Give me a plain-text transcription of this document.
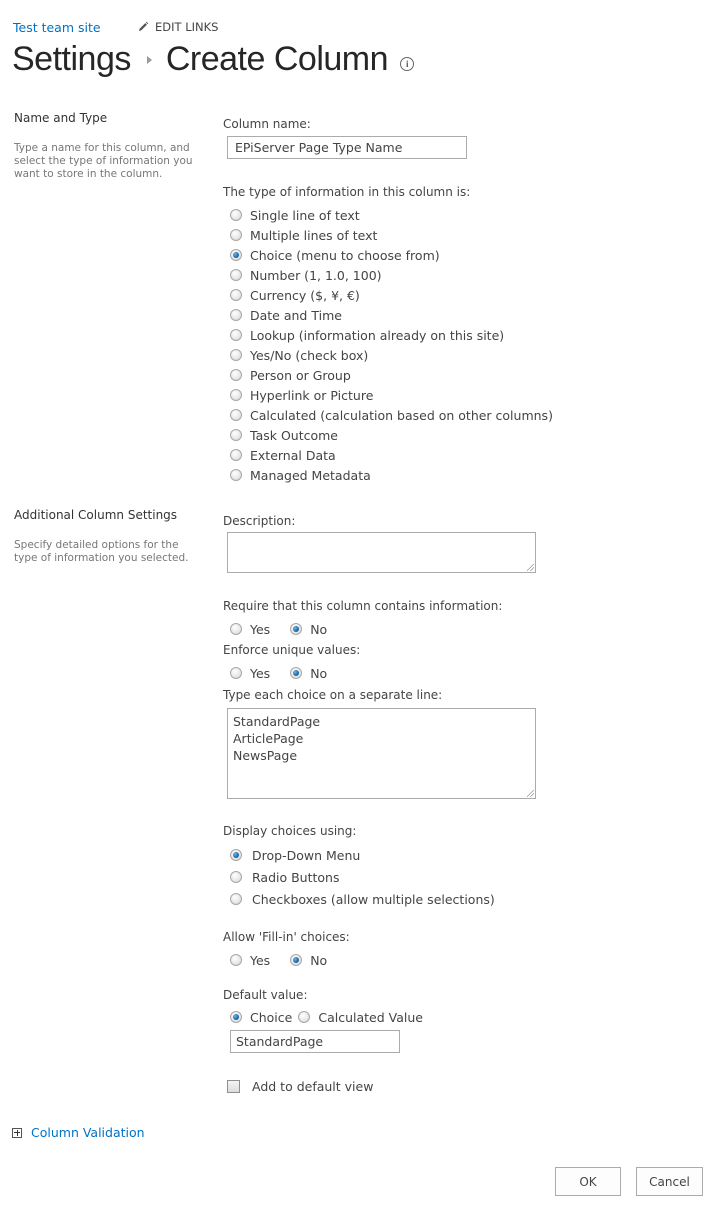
Test team site	EDIT LINKS
Settings Create Column	i
Name and Type
Type a name for this column, and select the type of information you want to store in the column.
Column name:
EPiServer Page Type Name
The type of information in this column is:
Single line of text
Multiple lines of text
Choice (menu to choose from)
Number (1, 1.0, 100)
Currency ($, ¥, €)
Date and Time
Lookup (information already on this site)
Yes/No (check box)
Person or Group
Hyperlink or Picture
Calculated (calculation based on other columns)
Task Outcome
External Data
Managed Metadata
Additional Column Settings
Specify detailed options for the type of information you selected.
Description:
Require that this column contains information:
Yes	No
Enforce unique values:
Yes	No
Type each choice on a separate line:
StandardPage
ArticlePage
NewsPage
Display choices using:
Drop-Down Menu
Radio Buttons
Checkboxes (allow multiple selections)
Allow 'Fill-in' choices:
Yes	No
Default value:
Choice Calculated Value
StandardPage
Add to default view
Column Validation
OK	Cancel
